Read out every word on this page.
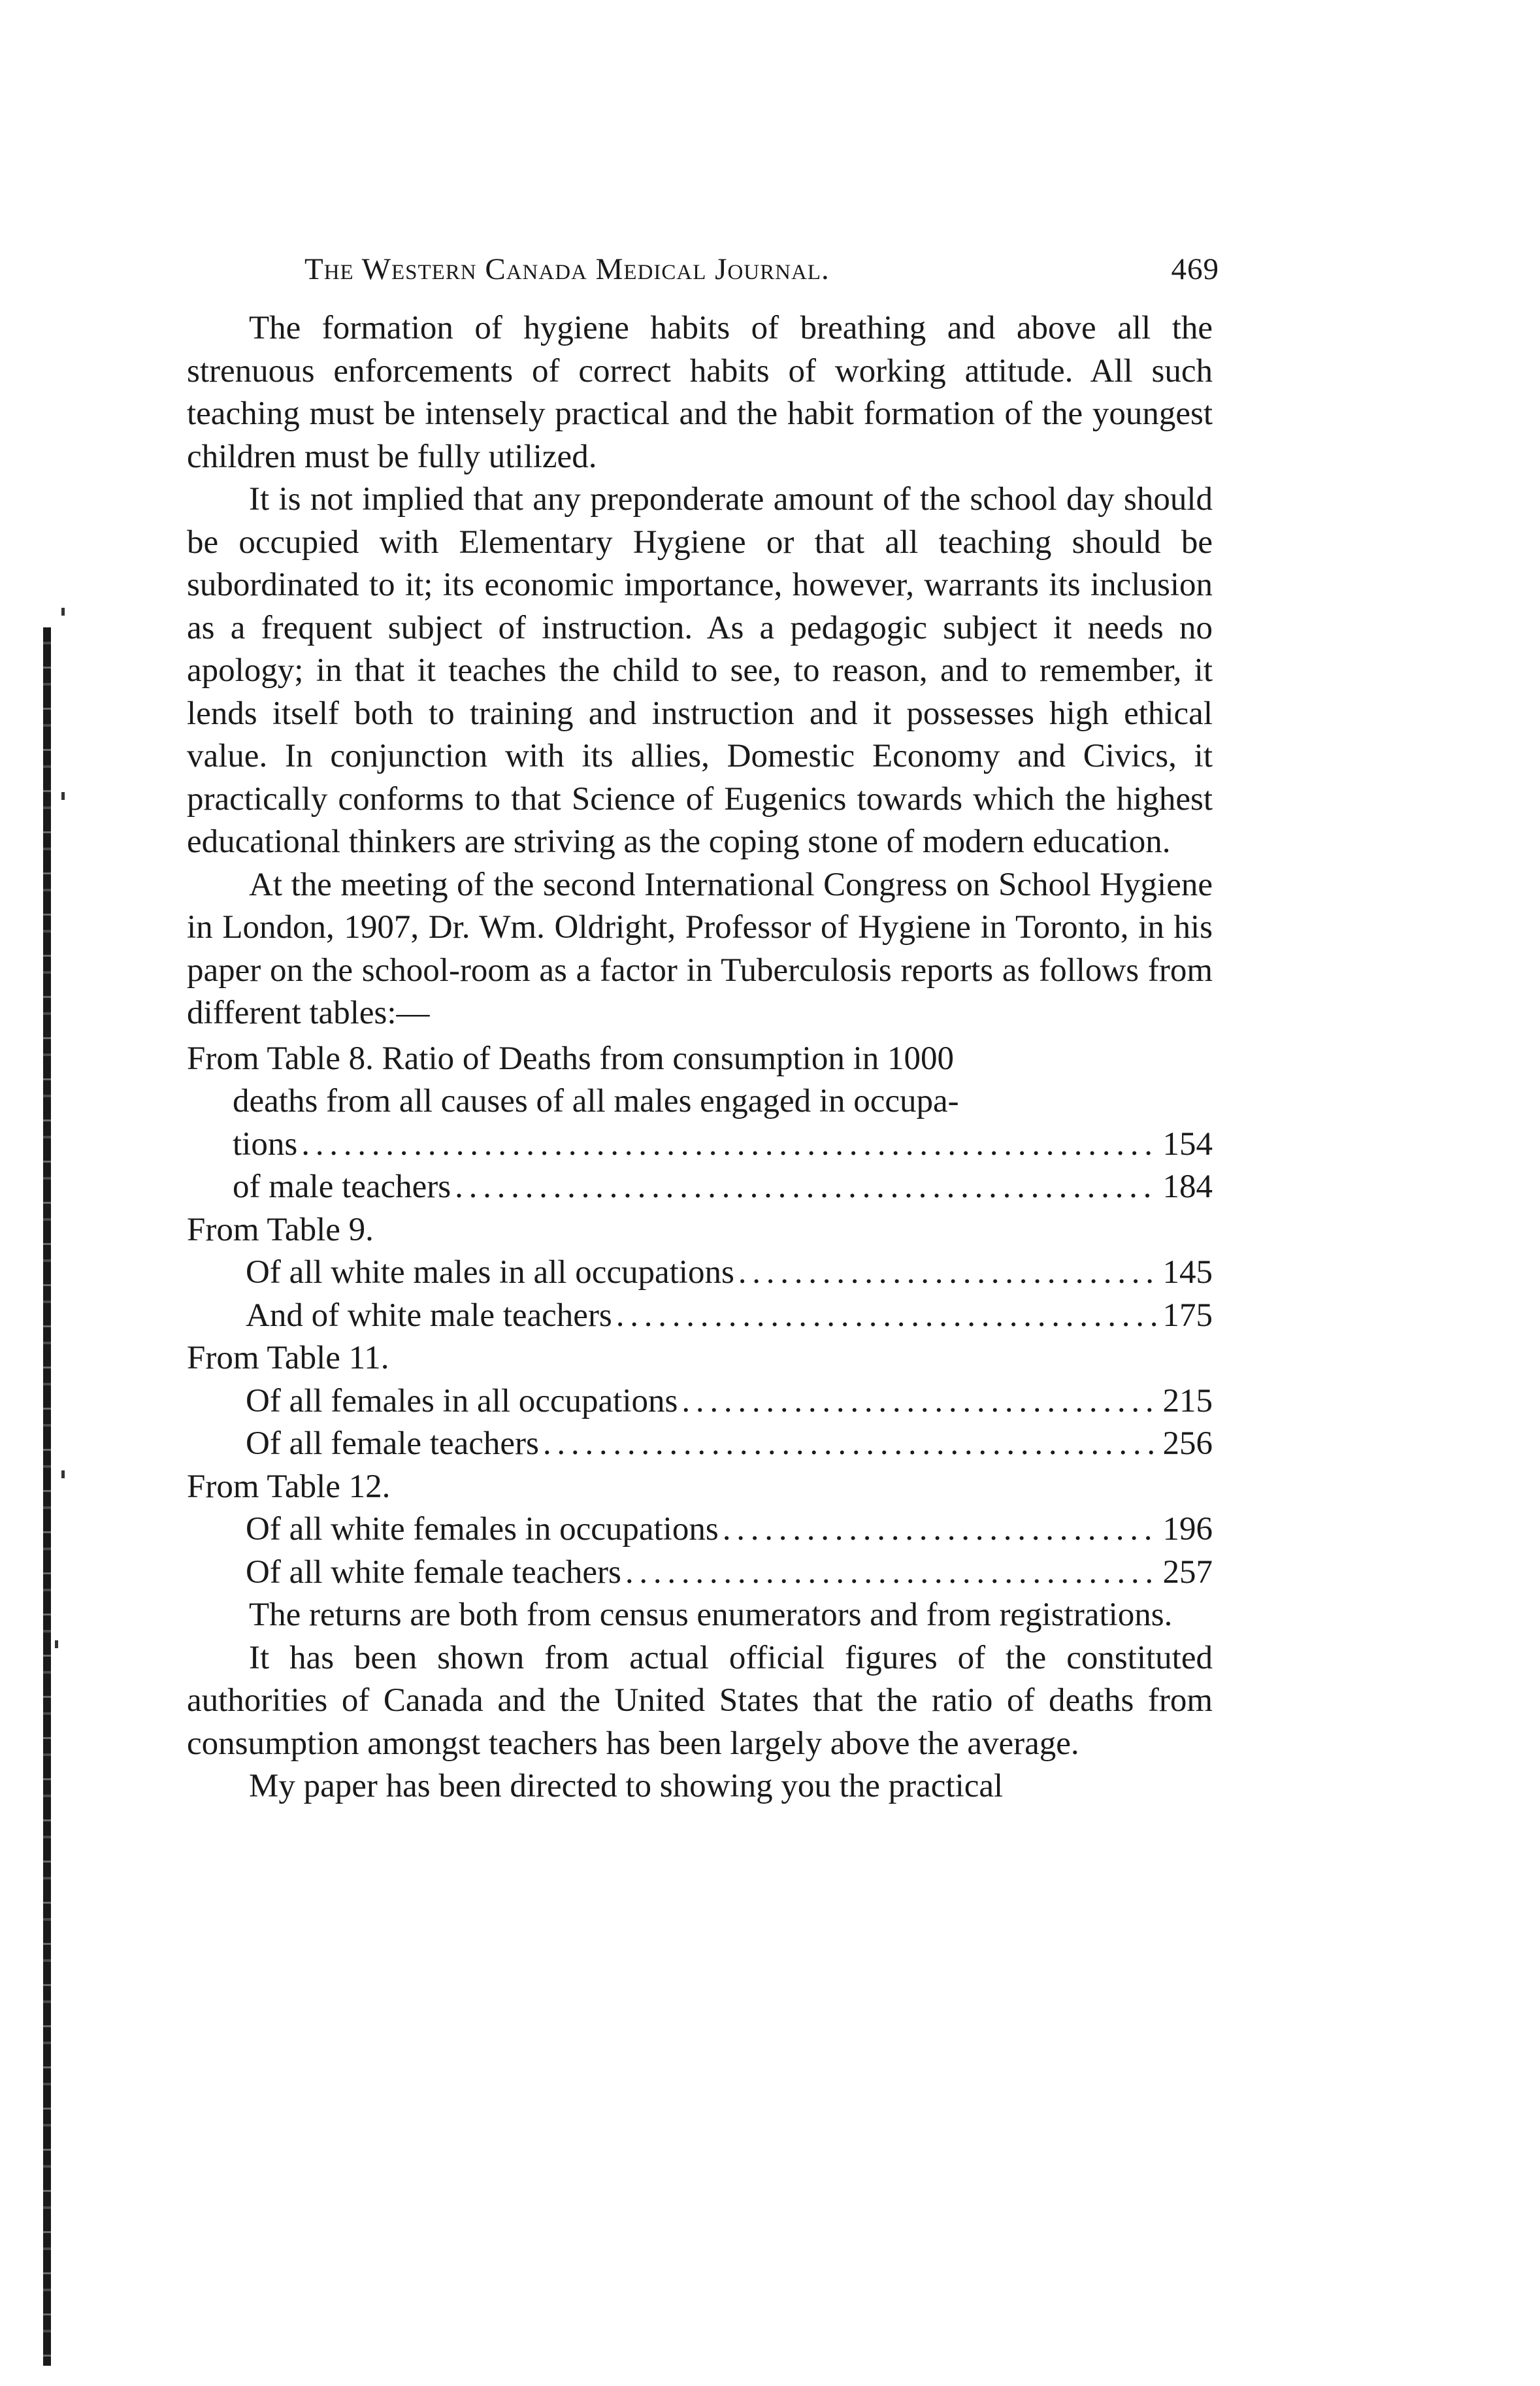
The Western Canada Medical Journal.	469

The formation of hygiene habits of breathing and above all the strenuous enforcements of correct habits of working attitude. All such teaching must be intensely practical and the habit formation of the youngest children must be fully utilized.

It is not implied that any preponderate amount of the school day should be occupied with Elementary Hygiene or that all teaching should be subordinated to it; its economic importance, however, warrants its inclusion as a frequent subject of instruction. As a pedagogic subject it needs no apology; in that it teaches the child to see, to reason, and to remember, it lends itself both to training and instruction and it possesses high ethical value. In conjunction with its allies, Domestic Economy and Civics, it practically conforms to that Science of Eugenics towards which the highest educational thinkers are striving as the coping stone of modern education.

At the meeting of the second International Congress on School Hygiene in London, 1907, Dr. Wm. Oldright, Professor of Hygiene in Toronto, in his paper on the school-room as a factor in Tuberculosis reports as follows from different tables:—

From Table 8. Ratio of Deaths from consumption in 1000

deaths from all causes of all males engaged in occupa-

tions . . .	154
of male teachers . . .	184

From Table 9.

Of all white males in all occupations . . .	145
And of white male teachers . . .	175

From Table 11.

Of all females in all occupations . . .	215
Of all female teachers . . .	256

From Table 12.

Of all white females in occupations . . .	196
Of all white female teachers . . .	257

The returns are both from census enumerators and from registrations.

It has been shown from actual official figures of the constituted authorities of Canada and the United States that the ratio of deaths from consumption amongst teachers has been largely above the average.

My paper has been directed to showing you the practical
